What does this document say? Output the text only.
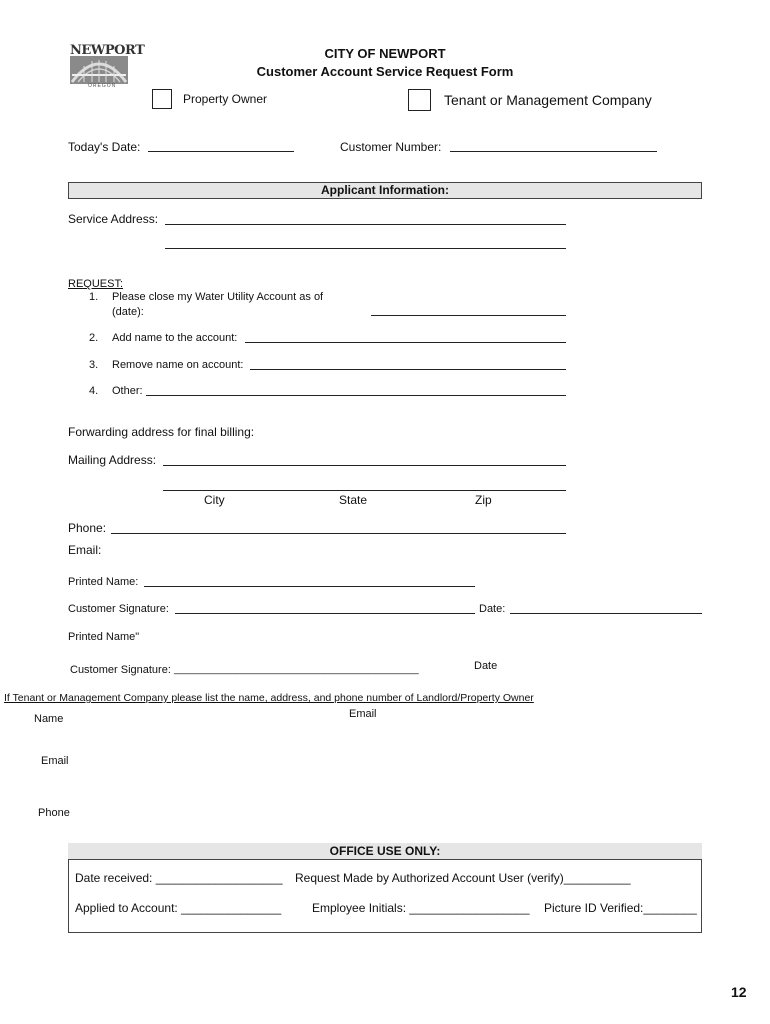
NEWPORT
OREGON
CITY OF NEWPORT
Customer Account Service Request Form
Property Owner	Tenant or Management Company
Today's Date:	Customer Number:
Applicant Information:
Service Address:
REQUEST:
1. Please close my Water Utility Account as of
(date):
2. Add name to the account:
3. Remove name on account:
4. Other:
Forwarding address for final billing:
Mailing Address:
City	State	Zip
Phone:
Email:
Printed Name:
Customer Signature:	Date:
Printed Name"
Customer Signature: ____________________________________________	Date
If Tenant or Management Company please list the name, address, and phone number of Landlord/Property Owner
Email
Name
Email
Phone
OFFICE USE ONLY:
Date received: ___________________ Request Made by Authorized Account User (verify)__________
Applied to Account: _______________	Employee Initials: __________________ Picture ID Verified:________
12
